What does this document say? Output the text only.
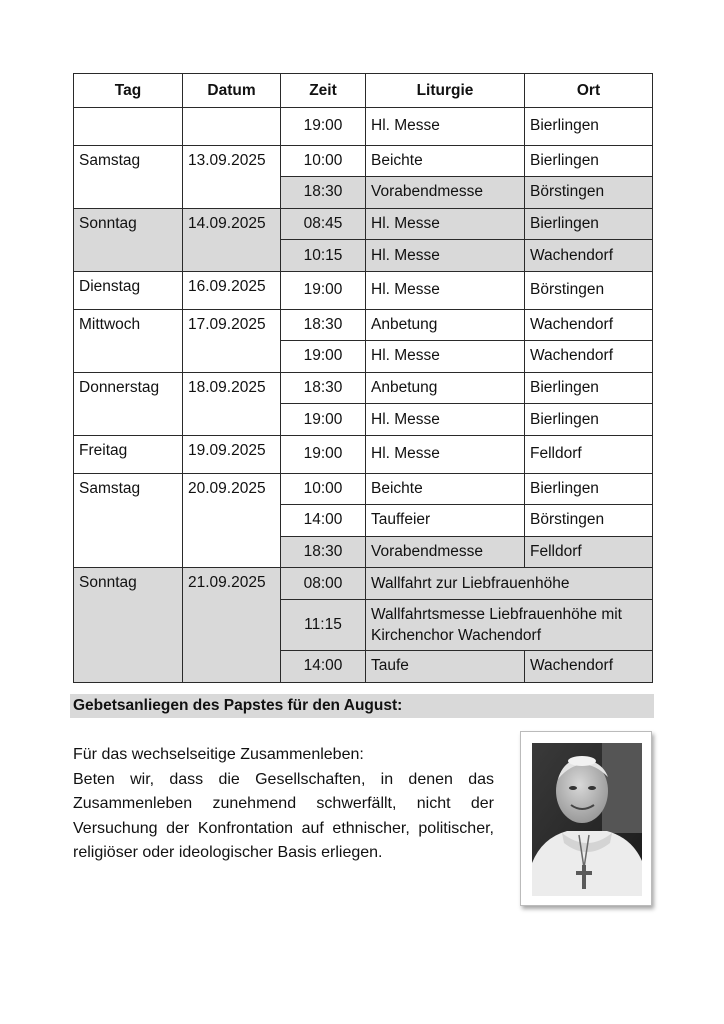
Tag	Datum	Zeit	Liturgie	Ort
		19:00	Hl. Messe	Bierlingen
Samstag	13.09.2025	10:00	Beichte	Bierlingen
		18:30	Vorabendmesse	Börstingen
Sonntag	14.09.2025	08:45	Hl. Messe	Bierlingen
		10:15	Hl. Messe	Wachendorf
Dienstag	16.09.2025	19:00	Hl. Messe	Börstingen
Mittwoch	17.09.2025	18:30	Anbetung	Wachendorf
		19:00	Hl. Messe	Wachendorf
Donnerstag	18.09.2025	18:30	Anbetung	Bierlingen
		19:00	Hl. Messe	Bierlingen
Freitag	19.09.2025	19:00	Hl. Messe	Felldorf
Samstag	20.09.2025	10:00	Beichte	Bierlingen
		14:00	Tauffeier	Börstingen
		18:30	Vorabendmesse	Felldorf
Sonntag	21.09.2025	08:00	Wallfahrt zur Liebfrauenhöhe	
		11:15	Wallfahrtsmesse Liebfrauenhöhe mit Kirchenchor Wachendorf	
		14:00	Taufe	Wachendorf
Gebetsanliegen des Papstes für den August:

Für das wechselseitige Zusammenleben:
Beten wir, dass die Gesellschaften, in denen das Zusammenleben zunehmend schwerfällt, nicht der Versuchung der Konfrontation auf ethnischer, politischer, religiöser oder ideologischer Basis erliegen.
